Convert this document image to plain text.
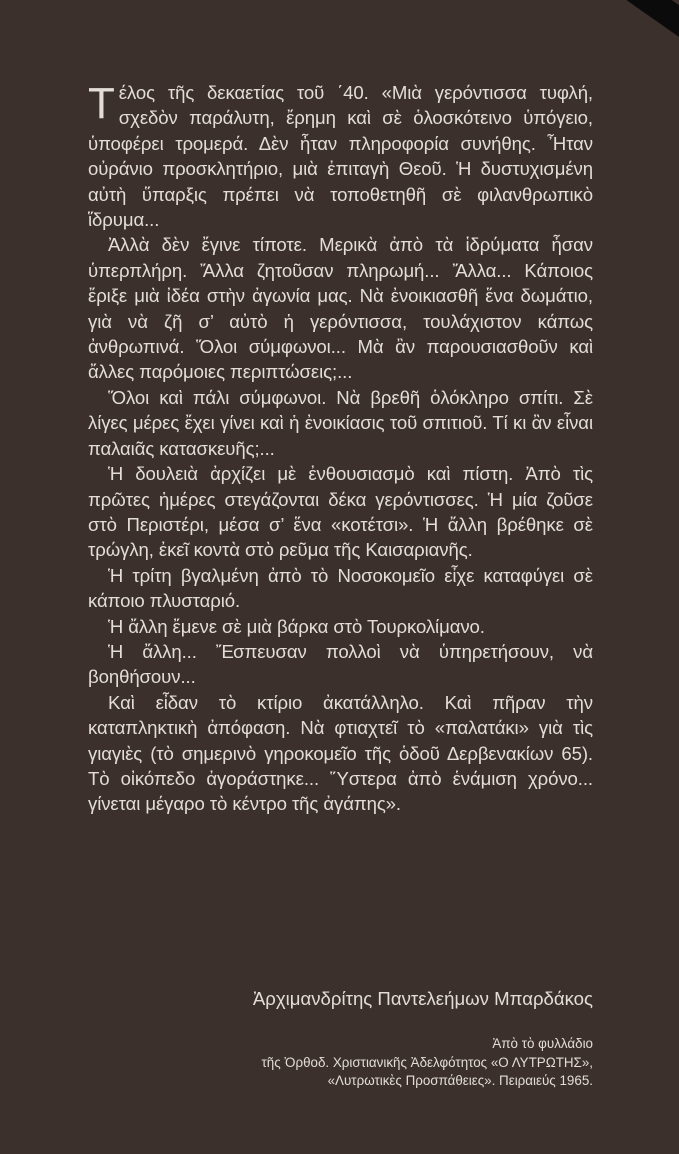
Τέλος τῆς δεκαετίας τοῦ ΄40. «Μιὰ γερόντισσα τυφλή, σχεδὸν παράλυτη, ἔρημη καὶ σὲ ὁλοσκότεινο ὑπόγειο, ὑποφέρει τρομερά. Δὲν ἦταν πληροφορία συνήθης. Ἦταν οὐράνιο προσκλητήριο, μιὰ ἐπιταγὴ Θεοῦ. Ἡ δυστυχισμένη αὐτὴ ὕπαρξις πρέπει νὰ τοποθετηθῆ σὲ φιλανθρωπικὸ ἵδρυμα...

Ἀλλὰ δὲν ἔγινε τίποτε. Μερικὰ ἀπὸ τὰ ἱδρύματα ἦσαν ὑπερπλήρη. Ἄλλα ζητοῦσαν πληρωμή... Ἄλλα... Κάποιος ἔριξε μιὰ ἰδέα στὴν ἀγωνία μας. Νὰ ἐνοικιασθῆ ἕνα δωμάτιο, γιὰ νὰ ζῆ σ’ αὐτὸ ἡ γερόντισσα, τουλάχιστον κάπως ἀνθρωπινά. Ὅλοι σύμφωνοι... Μὰ ἂν παρουσιασθοῦν καὶ ἄλλες παρόμοιες περιπτώσεις;...

Ὅλοι καὶ πάλι σύμφωνοι. Νὰ βρεθῆ ὁλόκληρο σπίτι. Σὲ λίγες μέρες ἔχει γίνει καὶ ἡ ἐνοικίασις τοῦ σπιτιοῦ. Τί κι ἂν εἶναι παλαιᾶς κατασκευῆς;...

Ἡ δουλειὰ ἀρχίζει μὲ ἐνθουσιασμὸ καὶ πίστη. Ἀπὸ τὶς πρῶτες ἡμέρες στεγάζονται δέκα γερόντισσες. Ἡ μία ζοῦσε στὸ Περιστέρι, μέσα σ’ ἕνα «κοτέτσι». Ἡ ἄλλη βρέθηκε σὲ τρώγλη, ἐκεῖ κοντὰ στὸ ρεῦμα τῆς Καισαριανῆς.

Ἡ τρίτη βγαλμένη ἀπὸ τὸ Νοσοκομεῖο εἶχε καταφύγει σὲ κάποιο πλυσταριό.

Ἡ ἄλλη ἔμενε σὲ μιὰ βάρκα στὸ Τουρκολίμανο.

Ἡ ἄλλη... Ἔσπευσαν πολλοὶ νὰ ὑπηρετήσουν, νὰ βοηθήσουν...

Καὶ εἶδαν τὸ κτίριο ἀκατάλληλο. Καὶ πῆραν τὴν καταπληκτικὴ ἀπόφαση. Νὰ φτιαχτεῖ τὸ «παλατάκι» γιὰ τὶς γιαγιὲς (τὸ σημερινὸ γηροκομεῖο τῆς ὁδοῦ Δερβενακίων 65). Τὸ οἰκόπεδο ἀγοράστηκε... Ὕστερα ἀπὸ ἑνάμιση χρόνο... γίνεται μέγαρο τὸ κέντρο τῆς ἀγάπης».

Ἀρχιμανδρίτης Παντελεήμων Μπαρδάκος
Ἀπὸ τὸ φυλλάδιο
τῆς Ὀρθοδ. Χριστιανικῆς Ἀδελφότητος «Ο ΛΥΤΡΩΤΗΣ»,
«Λυτρωτικὲς Προσπάθειες». Πειραιεύς 1965.
